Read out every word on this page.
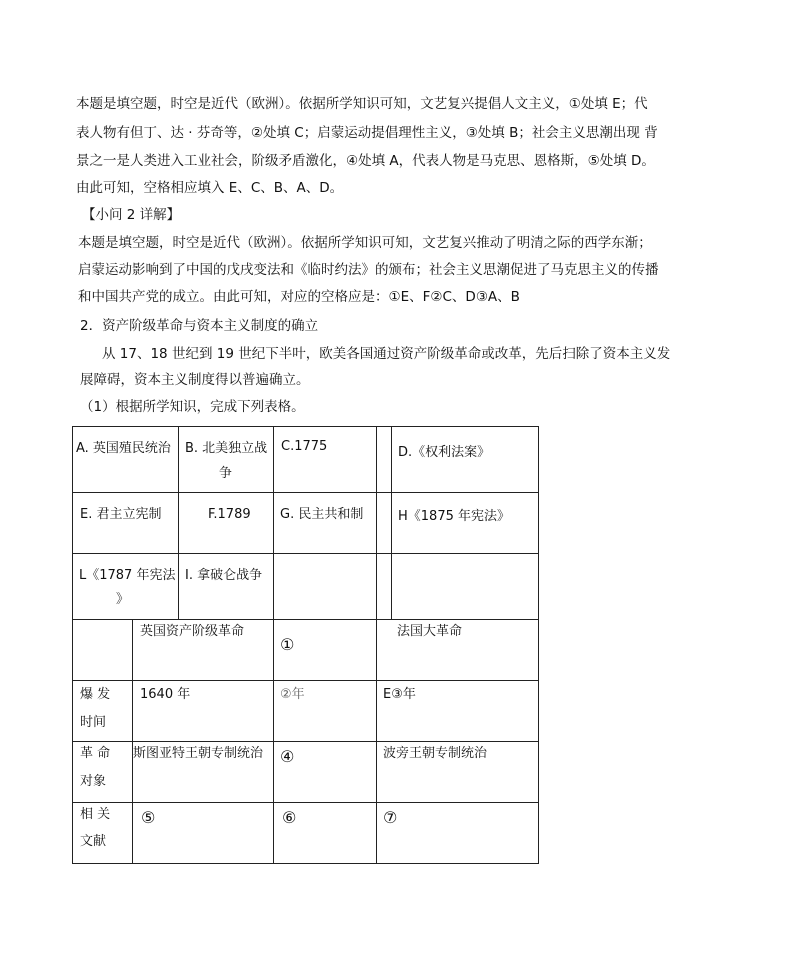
本题是填空题，时空是近代（欧洲）。依据所学知识可知，文艺复兴提倡人文主义，①处填 E；代
表人物有但丁、达 · 芬奇等，②处填 C；启蒙运动提倡理性主义，③处填 B；社会主义思潮出现 背
景之一是人类进入工业社会，阶级矛盾激化，④处填 A，代表人物是马克思、恩格斯，⑤处填 D。
由此可知，空格相应填入 E、C、B、A、D。
【小问 2 详解】
本题是填空题，时空是近代（欧洲）。依据所学知识可知，文艺复兴推动了明清之际的西学东渐；
启蒙运动影响到了中国的戊戌变法和《临时约法》的颁布；社会主义思潮促进了马克思主义的传播
和中国共产党的成立。由此可知，对应的空格应是：①E、F②C、D③A、B
2．资产阶级革命与资本主义制度的确立
从 17、18 世纪到 19 世纪下半叶，欧美各国通过资产阶级革命或改革，先后扫除了资本主义发
展障碍，资本主义制度得以普遍确立。
（1）根据所学知识，完成下列表格。
A. 英国殖民统治		B. 北美独立战
争	C.1775		D.《权利法案》

E. 君主立宪制		F.1789	G. 民主共和制		H《1875 年宪法》

L《1787 年宪法
》		I. 拿破仑战争			

	英国资产阶级革命		①	法国大革命	

爆 发
时间	1640 年		②年	E③年	

革 命
对象	斯图亚特王朝专制统治		④	波旁王朝专制统治	

相 关
文献	⑤		⑥	⑦	
